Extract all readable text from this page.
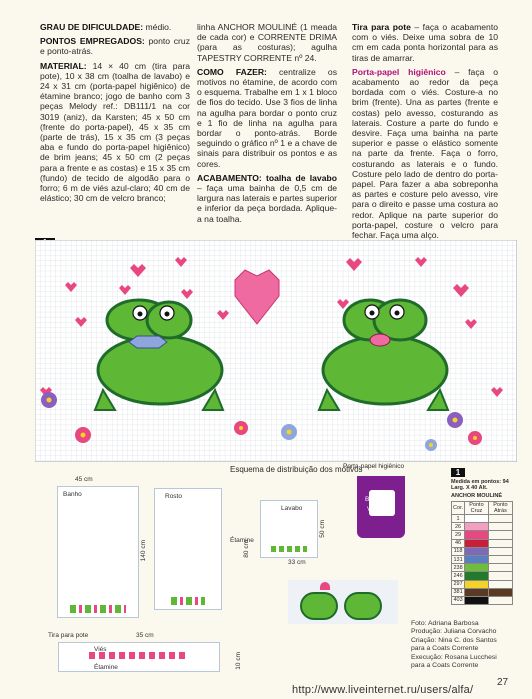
GRAU DE DIFICULDADE: médio.

PONTOS EMPREGADOS: ponto cruz e ponto-atrás.

MATERIAL: 14 × 40 cm (tira para pote), 10 x 38 cm (toalha de lavabo) e 24 x 31 cm (porta-papel higiênico) de étamine branco; jogo de banho com 3 peças Melody ref.: DB111/1 na cor 3019 (aniz), da Karsten; 45 x 50 cm (frente do porta-papel), 45 x 35 cm (parte de trás), 15 x 35 cm (3 peças aba e fundo do porta-papel higiênico) de brim jeans; 45 x 50 cm (2 peças para a frente e as costas) e 15 x 35 cm (fundo) de tecido de algodão para o forro; 6 m de viés azul-claro; 40 cm de elástico; 30 cm de velcro branco;

linha ANCHOR MOULINÉ (1 meada de cada cor) e CORRENTE DRIMA (para as costuras); agulha TAPESTRY CORRENTE nº 24.

COMO FAZER: centralize os motivos no étamine, de acordo com o esquema. Trabalhe em 1 x 1 bloco de fios do tecido. Use 3 fios de linha na agulha para bordar o ponto cruz e 1 fio de linha na agulha para bordar o ponto-atrás. Borde seguindo o gráfico nº 1 e a chave de sinais para distribuir os pontos e as cores.

ACABAMENTO: toalha de lavabo – faça uma bainha de 0,5 cm de largura nas laterais e partes superior e inferior da peça bordada. Aplique-a na toalha.

Tira para pote – faça o acabamento com o viés. Deixe uma sobra de 10 cm em cada ponta horizontal para as tiras de amarrar.

Porta-papel higiênico – faça o acabamento ao redor da peça bordada com o viés. Costure-a no brim (frente). Una as partes (frente e costas) pelo avesso, costurando as laterais. Costure a parte do fundo e desvire. Faça uma bainha na parte superior e passe o elástico somente na parte da frente. Faça o forro, costurando as laterais e o fundo. Costure pelo lado de dentro do porta-papel. Para fazer a aba sobreponha as partes e costure pelo avesso, vire para o direito e passe uma costura ao redor. Aplique na parte superior do porta-papel, costure o velcro para fechar. Faça uma alço.

Esquema de distribuição dos motivos
Porta-papel higiênico
45 cm
Banho
140 cm
Rosto
Lavabo
Étamine
80 cm
50 cm
33 cm
Brim
Viés
Tira para pote	35 cm
Viés
Étamine	10 cm
1
Medida em pontos: 94 Larg. X 40 Alt.
ANCHOR MOULINÉ
Cor.	Ponto Cruz	Ponto Atrás
1		
26		
29		
46		
118		
131		
238		
246		
297		
381		
403		
Foto: Adriana Barbosa
Produção: Juliana Corvacho
Criação: Nina C. dos Santos
para a Coats Corrente
Execução: Rosana Lucchesi
para a Coats Corrente
27
http://www.liveinternet.ru/users/alfa/
